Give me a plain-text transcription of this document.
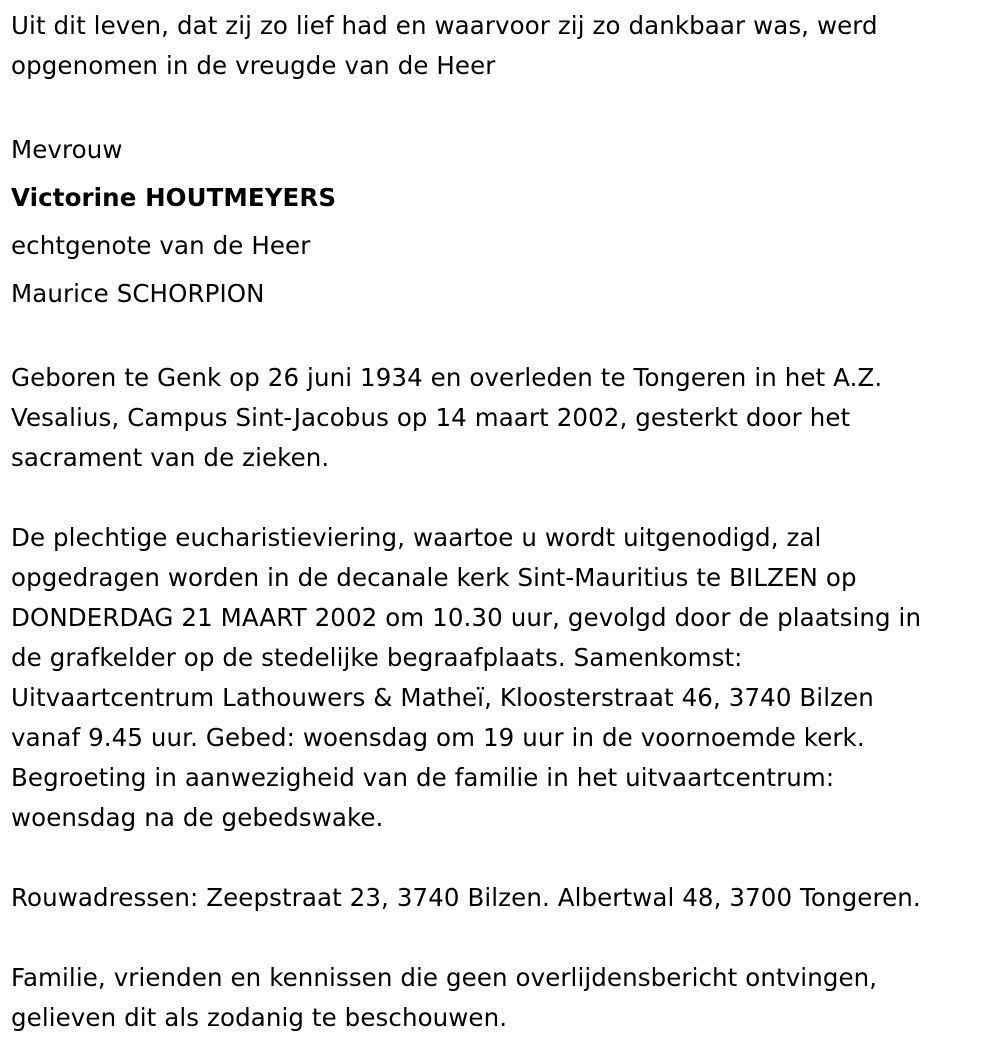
Uit dit leven, dat zij zo lief had en waarvoor zij zo dankbaar was, werd
opgenomen in de vreugde van de Heer

Mevrouw
Victorine HOUTMEYERS
echtgenote van de Heer
Maurice SCHORPION

Geboren te Genk op 26 juni 1934 en overleden te Tongeren in het A.Z.
Vesalius, Campus Sint-Jacobus op 14 maart 2002, gesterkt door het
sacrament van de zieken.

De plechtige eucharistieviering, waartoe u wordt uitgenodigd, zal
opgedragen worden in de decanale kerk Sint-Mauritius te BILZEN op
DONDERDAG 21 MAART 2002 om 10.30 uur, gevolgd door de plaatsing in
de grafkelder op de stedelijke begraafplaats. Samenkomst:
Uitvaartcentrum Lathouwers & Matheï, Kloosterstraat 46, 3740 Bilzen
vanaf 9.45 uur. Gebed: woensdag om 19 uur in de voornoemde kerk.
Begroeting in aanwezigheid van de familie in het uitvaartcentrum:
woensdag na de gebedswake.

Rouwadressen: Zeepstraat 23, 3740 Bilzen. Albertwal 48, 3700 Tongeren.

Familie, vrienden en kennissen die geen overlijdensbericht ontvingen,
gelieven dit als zodanig te beschouwen.
